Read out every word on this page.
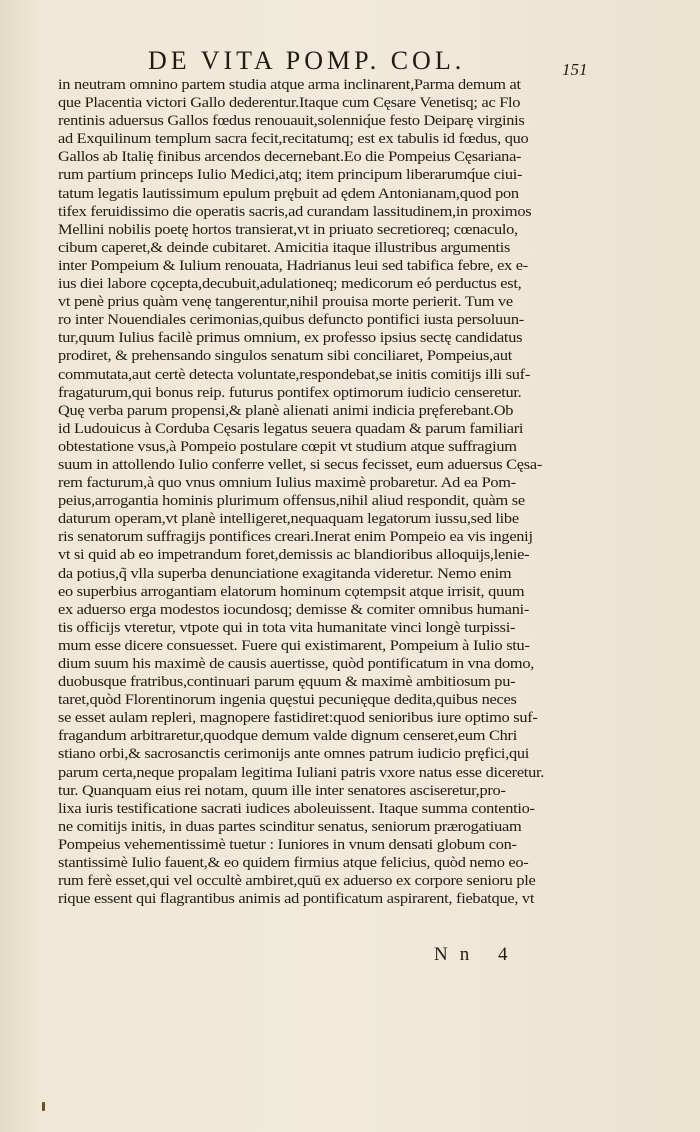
DE VITA POMP. COL.	151
in neutram omnino partem studia atque arma inclinarent,Parma demum at
que Placentia victori Gallo dederentur.Itaque cum Cęsare Venetisq; ac Flo
rentinis aduersus Gallos fœdus renouauit,solenniq́ue festo Deiparę virginis
ad Exquilinum templum sacra fecit,recitatumq; est ex tabulis id fœdus, quo
Gallos ab Italię finibus arcendos decernebant.Eo die Pompeius Cęsariana-
rum partium princeps Iulio Medici,atq; item principum liberarumq́ue ciui-
tatum legatis lautissimum epulum prębuit ad ędem Antonianam,quod pon
tifex feruidissimo die operatis sacris,ad curandam lassitudinem,in proximos
Mellini nobilis poetę hortos transierat,vt in priuato secretioreq; cœnaculo,
cibum caperet,& deinde cubitaret. Amicitia itaque illustribus argumentis
inter Pompeium & Iulium renouata, Hadrianus leui sed tabifica febre, ex e-
ius diei labore cǫcepta,decubuit,adulationeq; medicorum eó perductus est,
vt penè prius quàm venę tangerentur,nihil prouisa morte perierit. Tum ve
ro inter Nouendiales cerimonias,quibus defuncto pontifici iusta persoluun-
tur,quum Iulius facilè primus omnium, ex professo ipsius sectę candidatus
prodiret, & prehensando singulos senatum sibi conciliaret, Pompeius,aut
commutata,aut certè detecta voluntate,respondebat,se initis comitijs illi suf-
fragaturum,qui bonus reip. futurus pontifex optimorum iudicio censeretur.
Quę verba parum propensi,& planè alienati animi indicia pręferebant.Ob
id Ludouicus à Corduba Cęsaris legatus seuera quadam & parum familiari
obtestatione vsus,à Pompeio postulare cœpit vt studium atque suffragium
suum in attollendo Iulio conferre vellet, si secus fecisset, eum aduersus Cęsa-
rem facturum,à quo vnus omnium Iulius maximè probaretur. Ad ea Pom-
peius,arrogantia hominis plurimum offensus,nihil aliud respondit, quàm se
daturum operam,vt planè intelligeret,nequaquam legatorum iussu,sed libe
ris senatorum suffragijs pontifices creari.Inerat enim Pompeio ea vis ingenij
vt si quid ab eo impetrandum foret,demissis ac blandioribus alloquijs,lenie-
da potius,q̃ vlla superba denunciatione exagitanda videretur. Nemo enim
eo superbius arrogantiam elatorum hominum cǫtempsit atque irrisit, quum
ex aduerso erga modestos iocundosq; demisse & comiter omnibus humani-
tis officijs vteretur, vtpote qui in tota vita humanitate vinci longè turpissi-
mum esse dicere consuesset. Fuere qui existimarent, Pompeium à Iulio stu-
dium suum his maximè de causis auertisse, quòd pontificatum in vna domo,
duobusque fratribus,continuari parum ęquum & maximè ambitiosum pu-
taret,quòd Florentinorum ingenia quęstui pecunięque dedita,quibus neces
se esset aulam repleri, magnopere fastidiret:quod senioribus iure optimo suf-
fragandum arbitraretur,quodque demum valde dignum censeret,eum Chri
stiano orbi,& sacrosanctis cerimonijs ante omnes patrum iudicio pręfici,qui
parum certa,neque propalam legitima Iuliani patris vxore natus esse diceretur.
tur. Quanquam eius rei notam, quum ille inter senatores asciseretur,pro-
lixa iuris testificatione sacrati iudices aboleuissent. Itaque summa contentio-
ne comitijs initis, in duas partes scinditur senatus, seniorum prærogatiuam
Pompeius vehementissimè tuetur : Iuniores in vnum densati globum con-
stantissimè Iulio fauent,& eo quidem firmius atque felicius, quòd nemo eo-
rum ferè esset,qui vel occultè ambiret,quū ex aduerso ex corpore senioru ple
rique essent qui flagrantibus animis ad pontificatum aspirarent, fiebatque, vt
Nn 4
